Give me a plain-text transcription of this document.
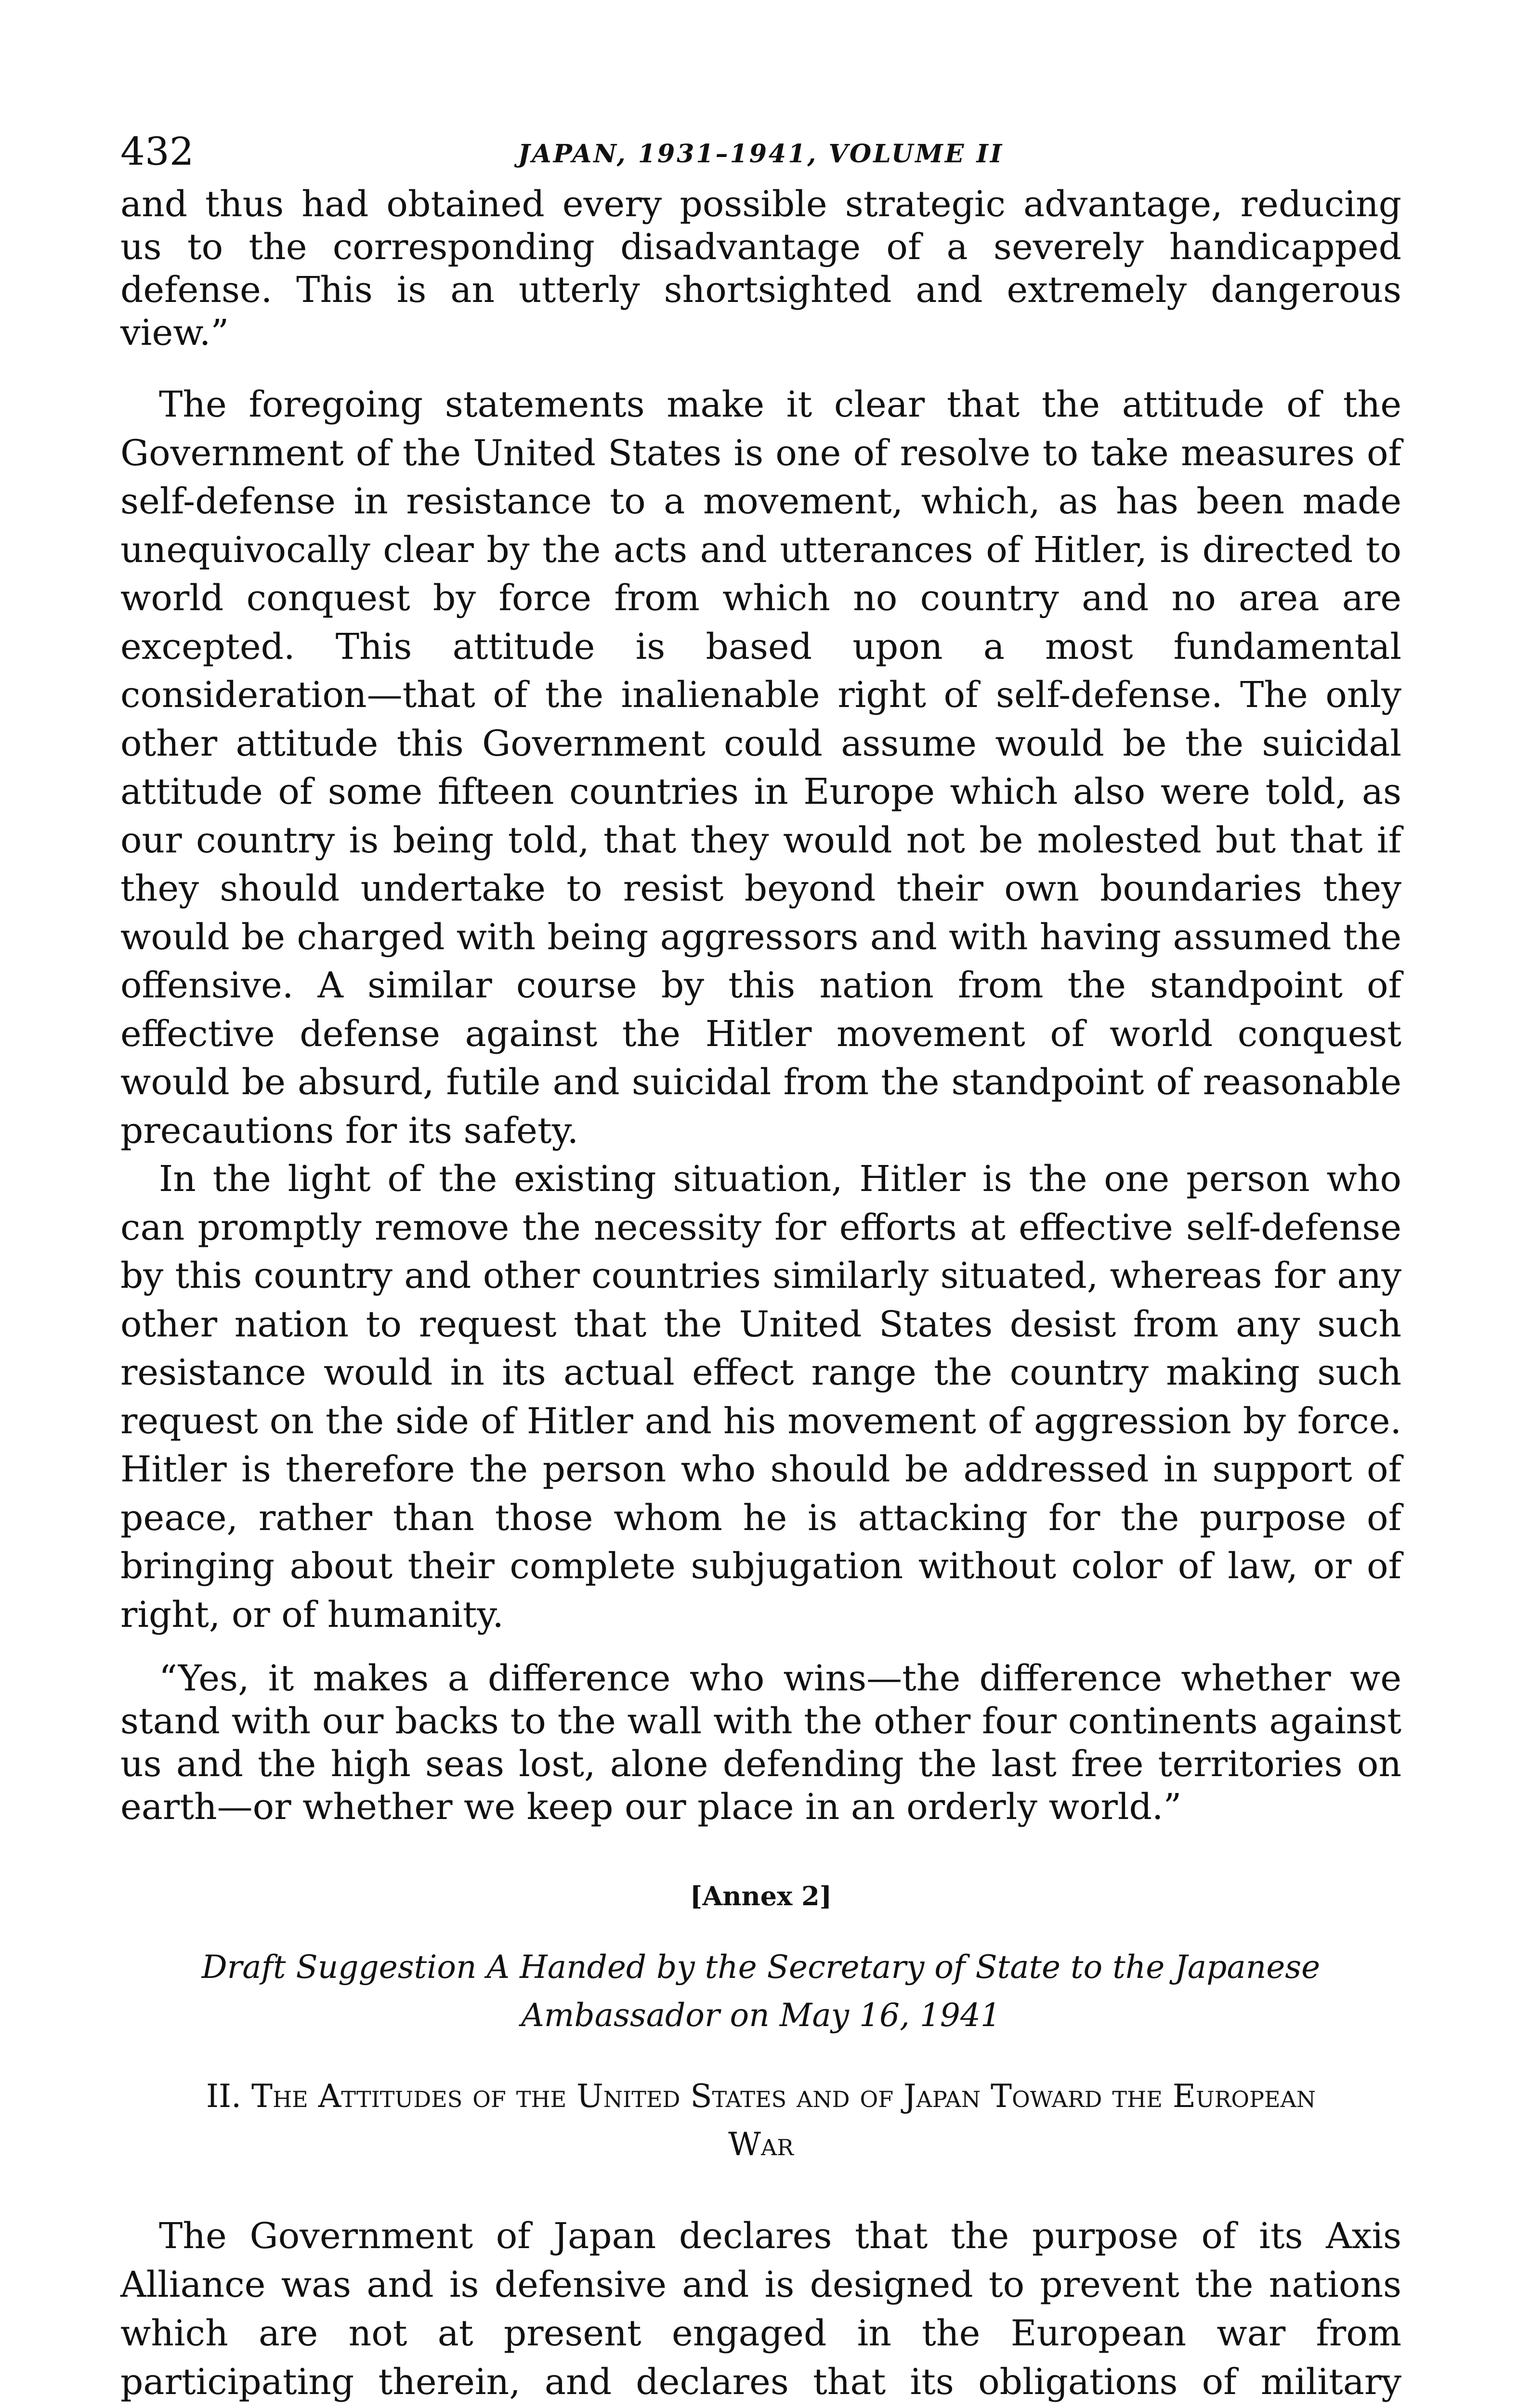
432	JAPAN, 1931–1941, VOLUME II

and thus had obtained every possible strategic advantage, reducing us to the corresponding disadvantage of a severely handicapped defense. This is an utterly shortsighted and extremely dangerous view.”

The foregoing statements make it clear that the attitude of the Government of the United States is one of resolve to take measures of self-defense in resistance to a movement, which, as has been made unequivocally clear by the acts and utterances of Hitler, is directed to world conquest by force from which no country and no area are excepted. This attitude is based upon a most fundamental consideration—that of the inalienable right of self-defense. The only other attitude this Government could assume would be the suicidal attitude of some fifteen countries in Europe which also were told, as our country is being told, that they would not be molested but that if they should undertake to resist beyond their own boundaries they would be charged with being aggressors and with having assumed the offensive. A similar course by this nation from the standpoint of effective defense against the Hitler movement of world conquest would be absurd, futile and suicidal from the standpoint of reasonable precautions for its safety.

In the light of the existing situation, Hitler is the one person who can promptly remove the necessity for efforts at effective self-defense by this country and other countries similarly situated, whereas for any other nation to request that the United States desist from any such resistance would in its actual effect range the country making such request on the side of Hitler and his movement of aggression by force. Hitler is therefore the person who should be addressed in support of peace, rather than those whom he is attacking for the purpose of bringing about their complete subjugation without color of law, or of right, or of humanity.

“Yes, it makes a difference who wins—the difference whether we stand with our backs to the wall with the other four continents against us and the high seas lost, alone defending the last free territories on earth—or whether we keep our place in an orderly world.”

[Annex 2]
Draft Suggestion A Handed by the Secretary of State to the Japanese Ambassador on May 16, 1941
II. The Attitudes of the United States and of Japan Toward the European War

The Government of Japan declares that the purpose of its Axis Alliance was and is defensive and is designed to prevent the nations which are not at present engaged in the European war from participating therein, and declares that its obligations of military
